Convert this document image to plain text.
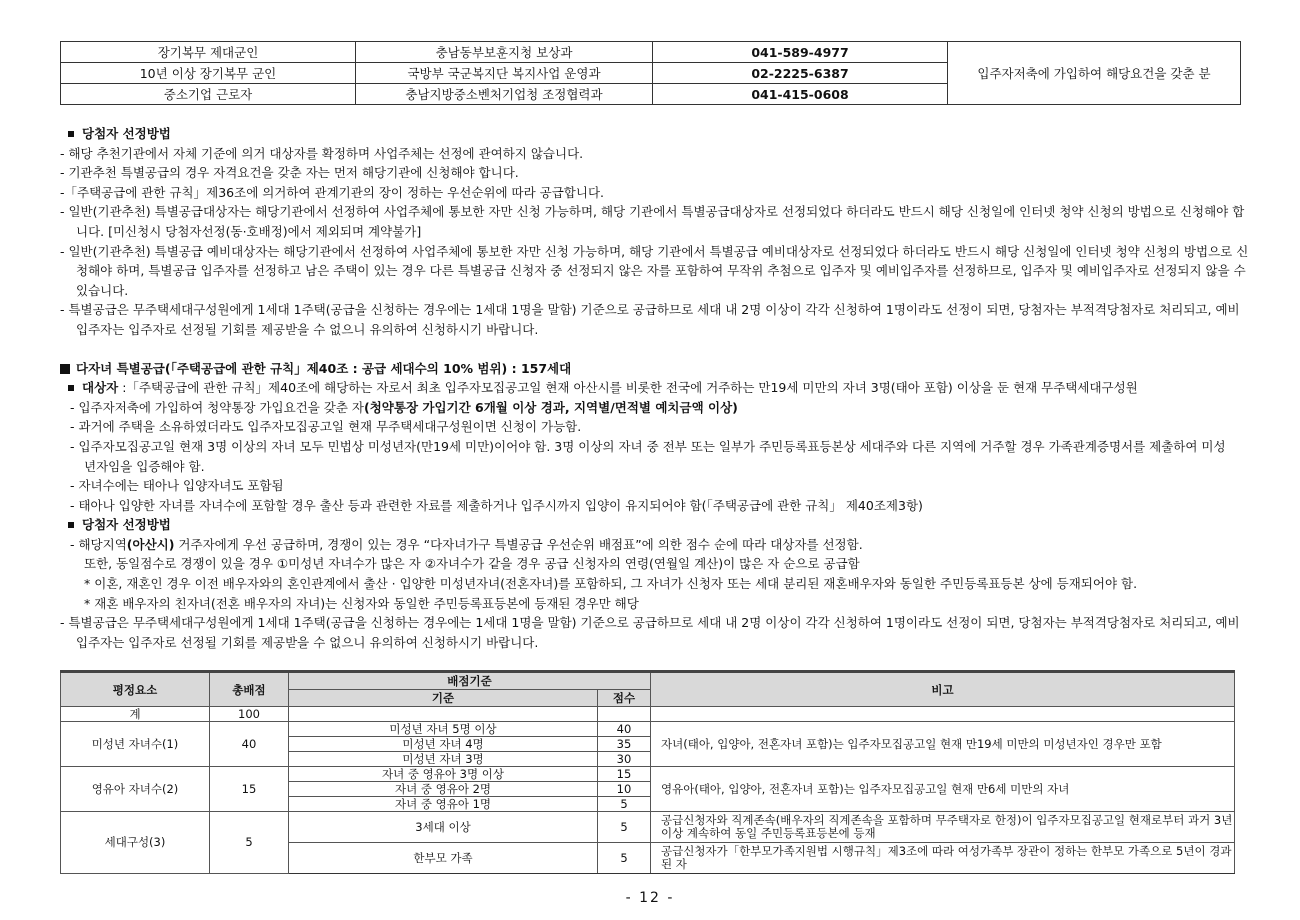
장기복무 제대군인	충남동부보훈지청 보상과	041-589-4977	입주자저축에 가입하여 해당요건을 갖춘 분
10년 이상 장기복무 군인	국방부 국군복지단 복지사업 운영과	02-2225-6387	
중소기업 근로자	충남지방중소벤처기업청 조정협력과	041-415-0608	
당첨자 선정방법
- 해당 추천기관에서 자체 기준에 의거 대상자를 확정하며 사업주체는 선정에 관여하지 않습니다.
- 기관추천 특별공급의 경우 자격요건을 갖춘 자는 먼저 해당기관에 신청해야 합니다.
-「주택공급에 관한 규칙」제36조에 의거하여 관계기관의 장이 정하는 우선순위에 따라 공급합니다.
- 일반(기관추천) 특별공급대상자는 해당기관에서 선정하여 사업주체에 통보한 자만 신청 가능하며, 해당 기관에서 특별공급대상자로 선정되었다 하더라도 반드시 해당 신청일에 인터넷 청약 신청의 방법으로 신청해야 합니다. [미신청시 당첨자선정(동·호배정)에서 제외되며 계약불가]
- 일반(기관추천) 특별공급 예비대상자는 해당기관에서 선정하여 사업주체에 통보한 자만 신청 가능하며, 해당 기관에서 특별공급 예비대상자로 선정되었다 하더라도 반드시 해당 신청일에 인터넷 청약 신청의 방법으로 신청해야 하며, 특별공급 입주자를 선정하고 남은 주택이 있는 경우 다른 특별공급 신청자 중 선정되지 않은 자를 포함하여 무작위 추첨으로 입주자 및 예비입주자를 선정하므로, 입주자 및 예비입주자로 선정되지 않을 수 있습니다.
- 특별공급은 무주택세대구성원에게 1세대 1주택(공급을 신청하는 경우에는 1세대 1명을 말함) 기준으로 공급하므로 세대 내 2명 이상이 각각 신청하여 1명이라도 선정이 되면, 당첨자는 부적격당첨자로 처리되고, 예비입주자는 입주자로 선정될 기회를 제공받을 수 없으니 유의하여 신청하시기 바랍니다.
다자녀 특별공급(「주택공급에 관한 규칙」제40조 : 공급 세대수의 10% 범위) : 157세대
대상자 :「주택공급에 관한 규칙」제40조에 해당하는 자로서 최초 입주자모집공고일 현재 아산시를 비롯한 전국에 거주하는 만19세 미만의 자녀 3명(태아 포함) 이상을 둔 현재 무주택세대구성원
- 입주자저축에 가입하여 청약통장 가입요건을 갖춘 자(청약통장 가입기간 6개월 이상 경과, 지역별/면적별 예치금액 이상)
- 과거에 주택을 소유하였더라도 입주자모집공고일 현재 무주택세대구성원이면 신청이 가능함.
- 입주자모집공고일 현재 3명 이상의 자녀 모두 민법상 미성년자(만19세 미만)이어야 함. 3명 이상의 자녀 중 전부 또는 일부가 주민등록표등본상 세대주와 다른 지역에 거주할 경우 가족관계증명서를 제출하여 미성년자임을 입증해야 함.
- 자녀수에는 태아나 입양자녀도 포함됨
- 태아나 입양한 자녀를 자녀수에 포함할 경우 출산 등과 관련한 자료를 제출하거나 입주시까지 입양이 유지되어야 함(「주택공급에 관한 규칙」 제40조제3항)
당첨자 선정방법
- 해당지역(아산시) 거주자에게 우선 공급하며, 경쟁이 있는 경우 “다자녀가구 특별공급 우선순위 배점표”에 의한 점수 순에 따라 대상자를 선정함.
또한, 동일점수로 경쟁이 있을 경우 ①미성년 자녀수가 많은 자 ②자녀수가 같을 경우 공급 신청자의 연령(연월일 계산)이 많은 자 순으로 공급함
* 이혼, 재혼인 경우 이전 배우자와의 혼인관계에서 출산 · 입양한 미성년자녀(전혼자녀)를 포함하되, 그 자녀가 신청자 또는 세대 분리된 재혼배우자와 동일한 주민등록표등본 상에 등재되어야 함.
* 재혼 배우자의 친자녀(전혼 배우자의 자녀)는 신청자와 동일한 주민등록표등본에 등재된 경우만 해당
- 특별공급은 무주택세대구성원에게 1세대 1주택(공급을 신청하는 경우에는 1세대 1명을 말함) 기준으로 공급하므로 세대 내 2명 이상이 각각 신청하여 1명이라도 선정이 되면, 당첨자는 부적격당첨자로 처리되고, 예비입주자는 입주자로 선정될 기회를 제공받을 수 없으니 유의하여 신청하시기 바랍니다.
평정요소	총배점	배점기준		비고
		기준	점수	
계	100			
미성년 자녀수(1)	40	미성년 자녀 5명 이상	40	자녀(태아, 입양아, 전혼자녀 포함)는 입주자모집공고일 현재 만19세 미만의 미성년자인 경우만 포함
		미성년 자녀 4명	35	
		미성년 자녀 3명	30	
영유아 자녀수(2)	15	자녀 중 영유아 3명 이상	15	영유아(태아, 입양아, 전혼자녀 포함)는 입주자모집공고일 현재 만6세 미만의 자녀
		자녀 중 영유아 2명	10	
		자녀 중 영유아 1명	5	
세대구성(3)	5	3세대 이상	5	공급신청자와 직계존속(배우자의 직계존속을 포함하며 무주택자로 한정)이 입주자모집공고일 현재로부터 과거 3년 이상 계속하여 동일 주민등록표등본에 등재
		한부모 가족	5	공급신청자가「한부모가족지원법 시행규칙」제3조에 따라 여성가족부 장관이 정하는 한부모 가족으로 5년이 경과된 자
- 12 -
